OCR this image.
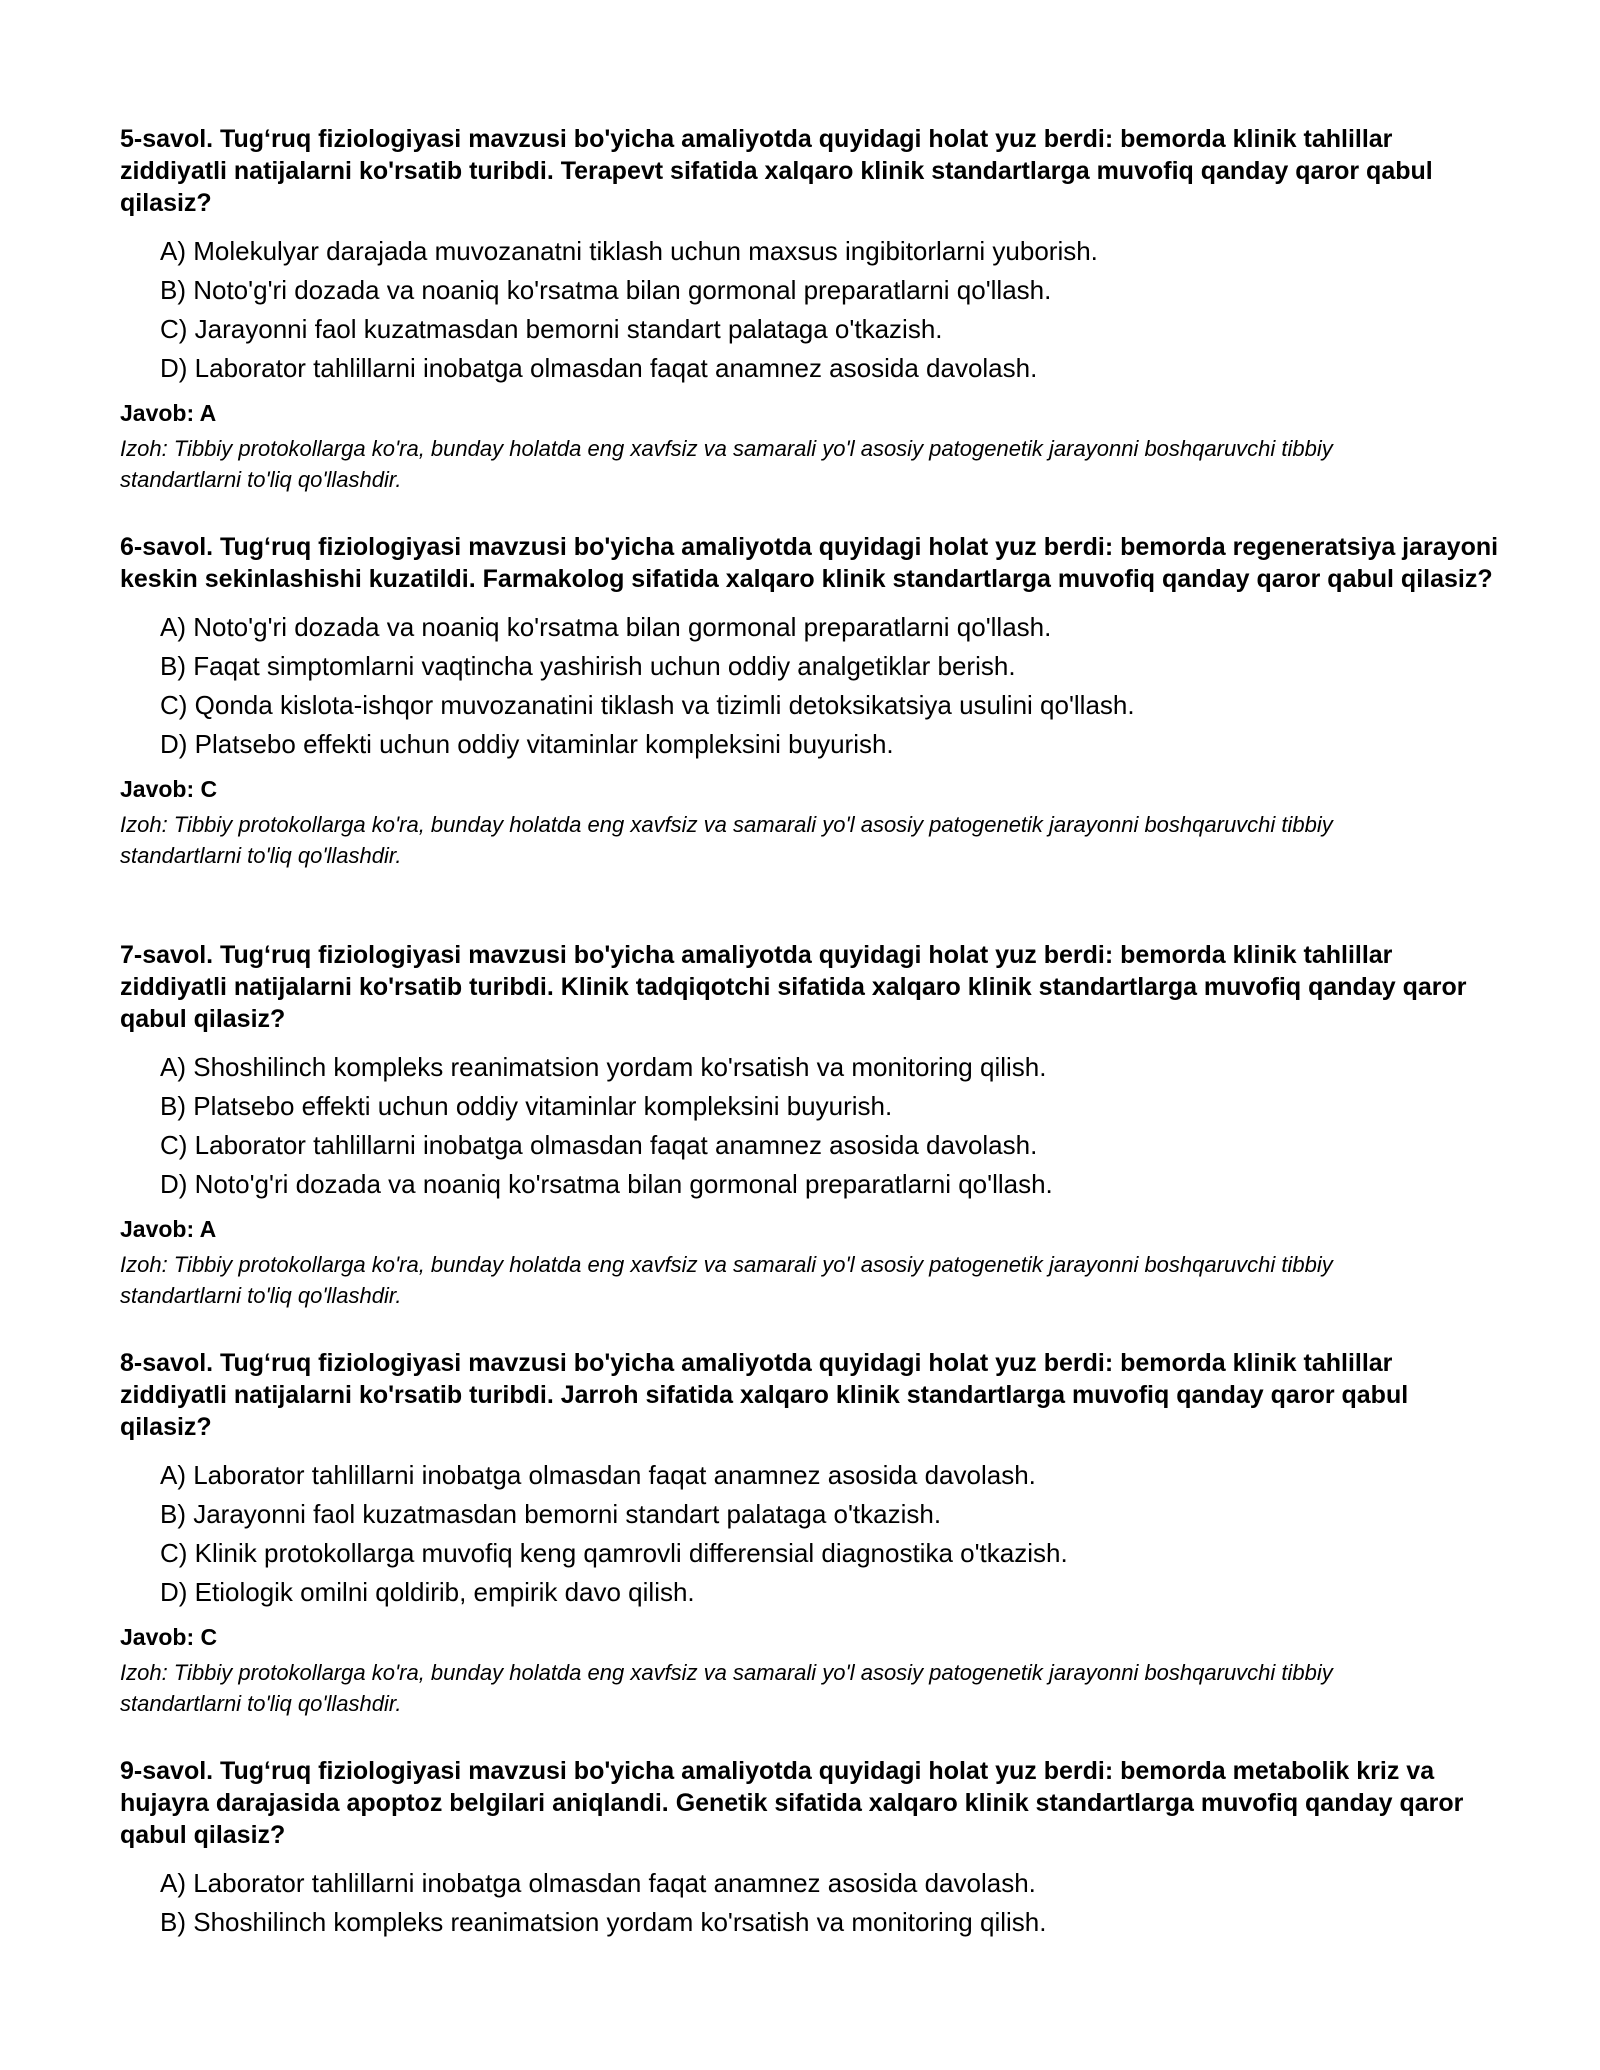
5-savol. Tug‘ruq fiziologiyasi mavzusi bo'yicha amaliyotda quyidagi holat yuz berdi: bemorda klinik tahlillar ziddiyatli natijalarni ko'rsatib turibdi. Terapevt sifatida xalqaro klinik standartlarga muvofiq qanday qaror qabul qilasiz?

A) Molekulyar darajada muvozanatni tiklash uchun maxsus ingibitorlarni yuborish.
B) Noto'g'ri dozada va noaniq ko'rsatma bilan gormonal preparatlarni qo'llash.
C) Jarayonni faol kuzatmasdan bemorni standart palataga o'tkazish.
D) Laborator tahlillarni inobatga olmasdan faqat anamnez asosida davolash.
Javob: A
Izoh: Tibbiy protokollarga ko'ra, bunday holatda eng xavfsiz va samarali yo'l asosiy patogenetik jarayonni boshqaruvchi tibbiy standartlarni to'liq qo'llashdir.

6-savol. Tug‘ruq fiziologiyasi mavzusi bo'yicha amaliyotda quyidagi holat yuz berdi: bemorda regeneratsiya jarayoni keskin sekinlashishi kuzatildi. Farmakolog sifatida xalqaro klinik standartlarga muvofiq qanday qaror qabul qilasiz?

A) Noto'g'ri dozada va noaniq ko'rsatma bilan gormonal preparatlarni qo'llash.
B) Faqat simptomlarni vaqtincha yashirish uchun oddiy analgetiklar berish.
C) Qonda kislota-ishqor muvozanatini tiklash va tizimli detoksikatsiya usulini qo'llash.
D) Platsebo effekti uchun oddiy vitaminlar kompleksini buyurish.
Javob: C
Izoh: Tibbiy protokollarga ko'ra, bunday holatda eng xavfsiz va samarali yo'l asosiy patogenetik jarayonni boshqaruvchi tibbiy standartlarni to'liq qo'llashdir.

7-savol. Tug‘ruq fiziologiyasi mavzusi bo'yicha amaliyotda quyidagi holat yuz berdi: bemorda klinik tahlillar ziddiyatli natijalarni ko'rsatib turibdi. Klinik tadqiqotchi sifatida xalqaro klinik standartlarga muvofiq qanday qaror qabul qilasiz?

A) Shoshilinch kompleks reanimatsion yordam ko'rsatish va monitoring qilish.
B) Platsebo effekti uchun oddiy vitaminlar kompleksini buyurish.
C) Laborator tahlillarni inobatga olmasdan faqat anamnez asosida davolash.
D) Noto'g'ri dozada va noaniq ko'rsatma bilan gormonal preparatlarni qo'llash.
Javob: A
Izoh: Tibbiy protokollarga ko'ra, bunday holatda eng xavfsiz va samarali yo'l asosiy patogenetik jarayonni boshqaruvchi tibbiy standartlarni to'liq qo'llashdir.

8-savol. Tug‘ruq fiziologiyasi mavzusi bo'yicha amaliyotda quyidagi holat yuz berdi: bemorda klinik tahlillar ziddiyatli natijalarni ko'rsatib turibdi. Jarroh sifatida xalqaro klinik standartlarga muvofiq qanday qaror qabul qilasiz?

A) Laborator tahlillarni inobatga olmasdan faqat anamnez asosida davolash.
B) Jarayonni faol kuzatmasdan bemorni standart palataga o'tkazish.
C) Klinik protokollarga muvofiq keng qamrovli differensial diagnostika o'tkazish.
D) Etiologik omilni qoldirib, empirik davo qilish.
Javob: C
Izoh: Tibbiy protokollarga ko'ra, bunday holatda eng xavfsiz va samarali yo'l asosiy patogenetik jarayonni boshqaruvchi tibbiy standartlarni to'liq qo'llashdir.

9-savol. Tug‘ruq fiziologiyasi mavzusi bo'yicha amaliyotda quyidagi holat yuz berdi: bemorda metabolik kriz va hujayra darajasida apoptoz belgilari aniqlandi. Genetik sifatida xalqaro klinik standartlarga muvofiq qanday qaror qabul qilasiz?

A) Laborator tahlillarni inobatga olmasdan faqat anamnez asosida davolash.
B) Shoshilinch kompleks reanimatsion yordam ko'rsatish va monitoring qilish.
